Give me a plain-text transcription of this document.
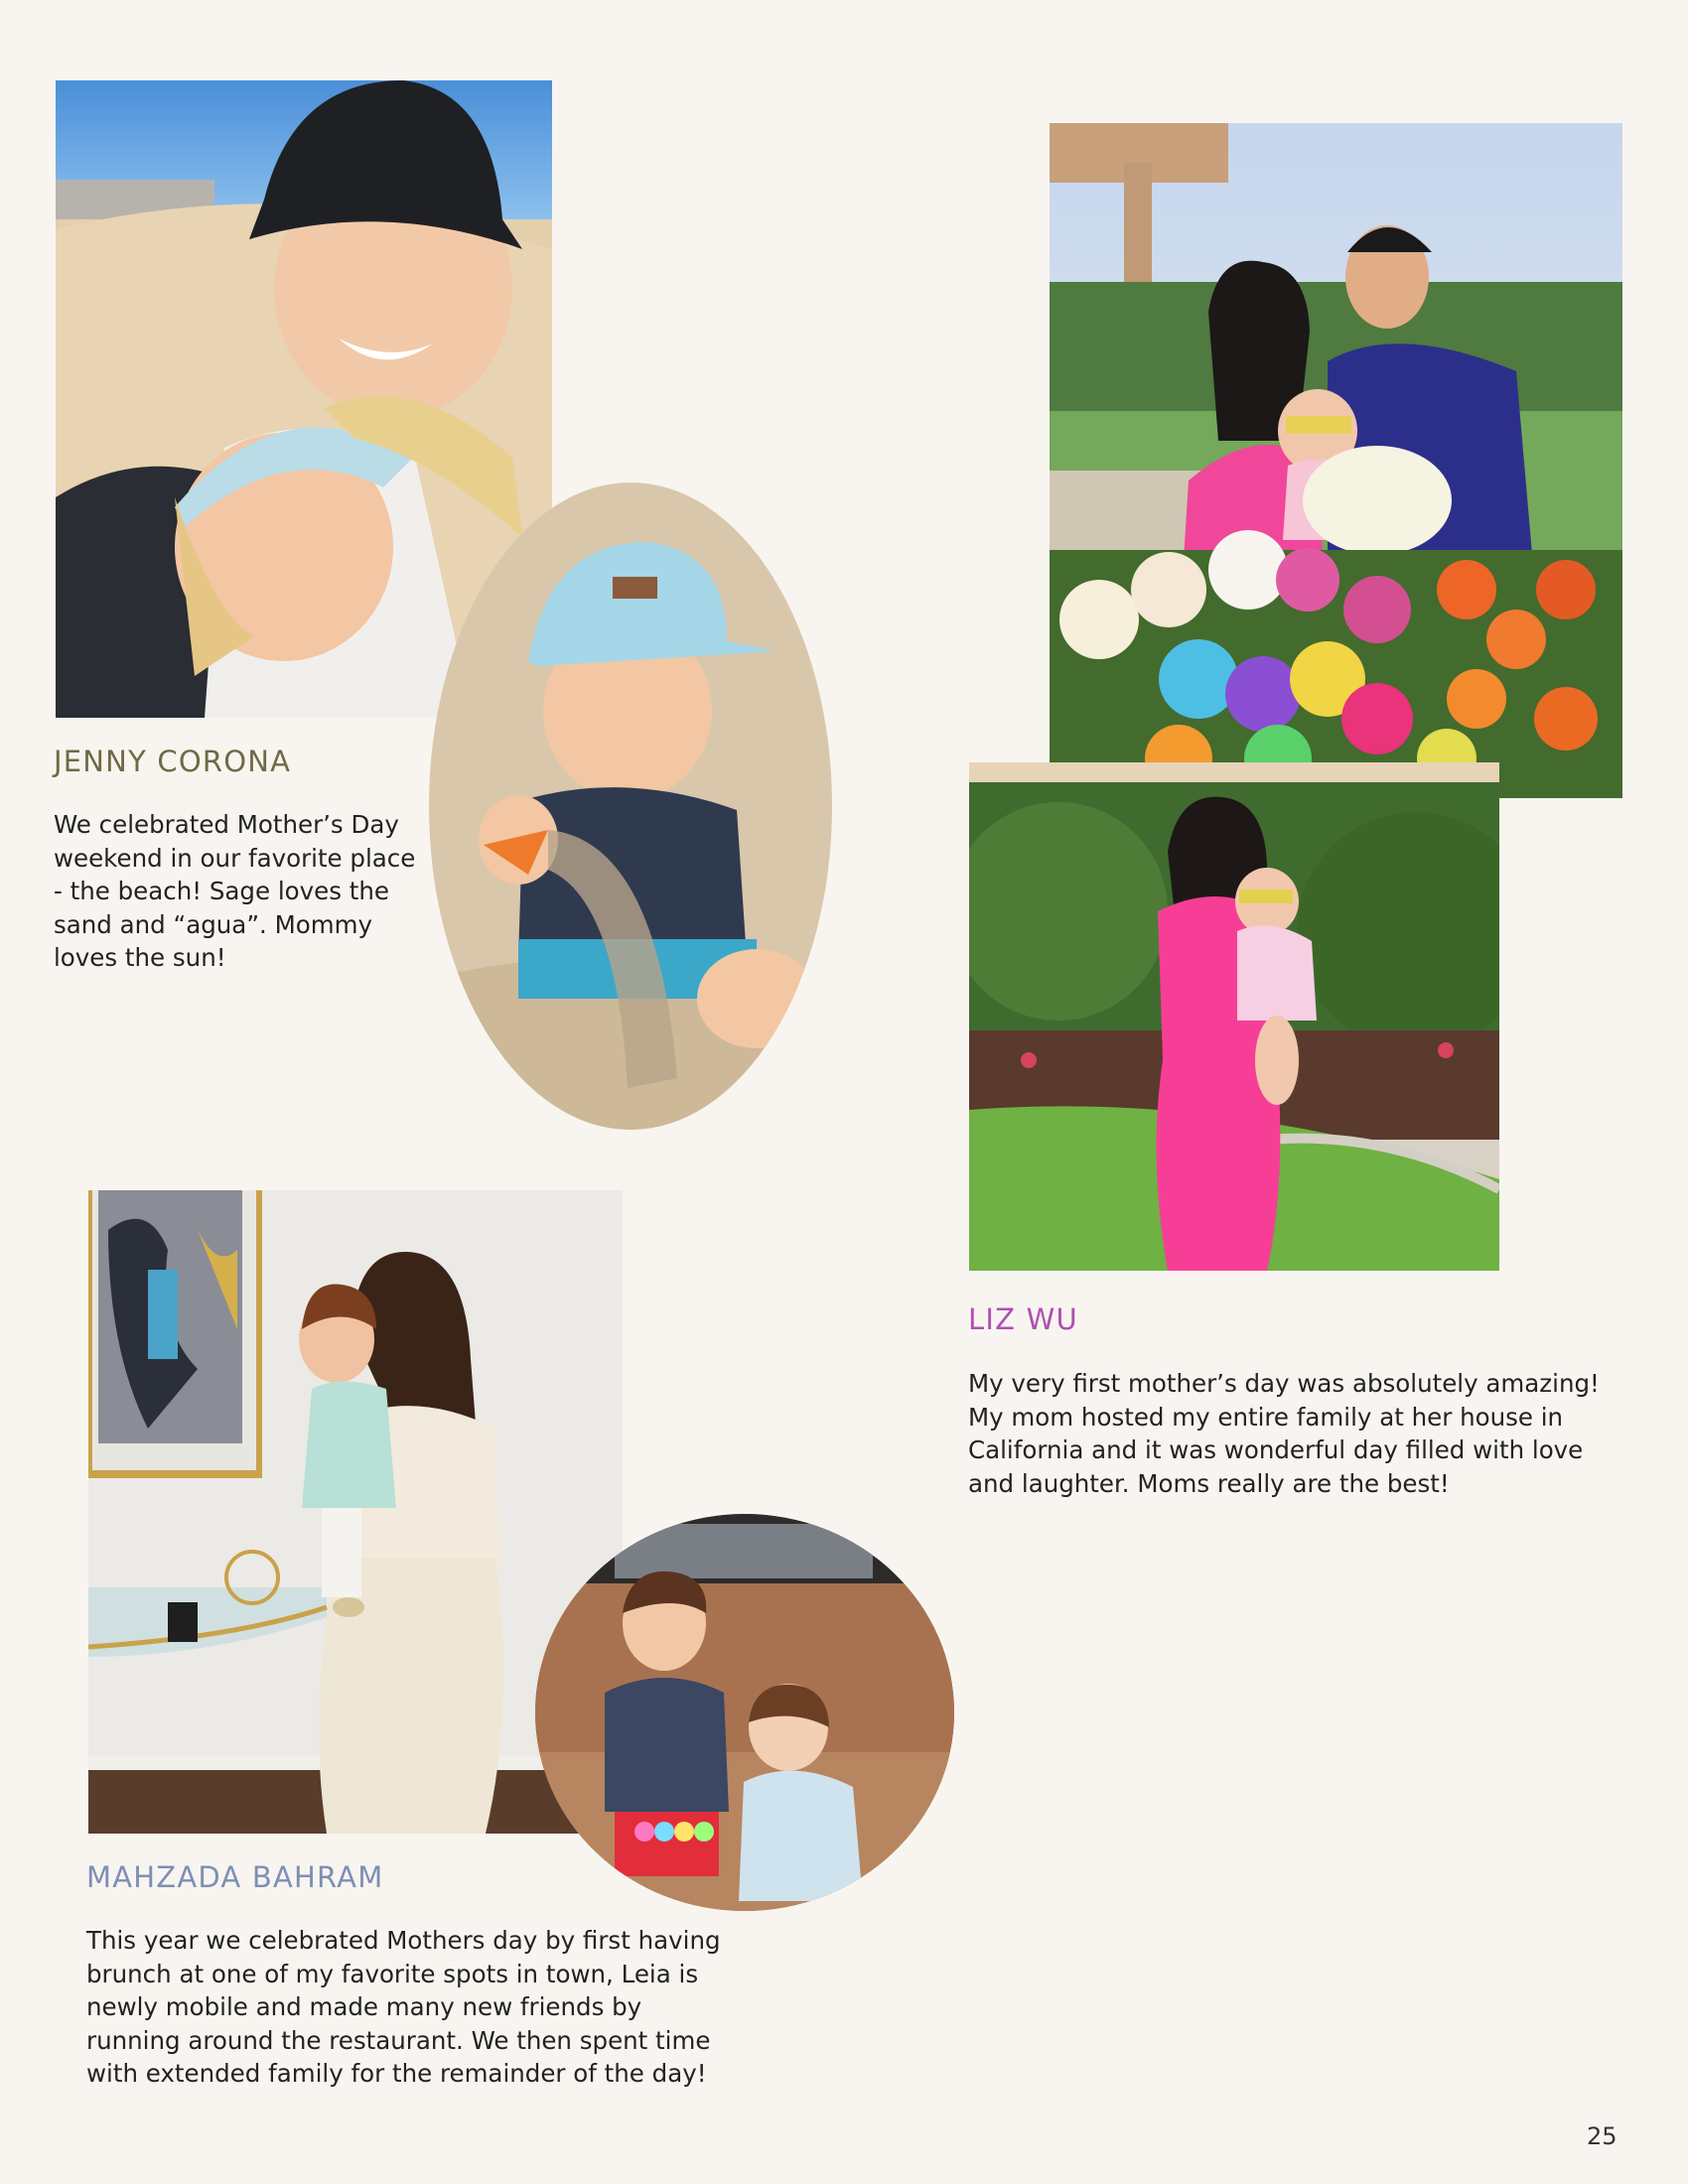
JENNY CORONA

We celebrated Mother’s Day weekend in our favorite place - the beach! Sage loves the sand and “agua”. Mommy loves the sun!

LIZ WU

My very first mother’s day was absolutely amazing! My mom hosted my entire family at her house in California and it was wonderful day filled with love and laughter. Moms really are the best!

MAHZADA BAHRAM

This year we celebrated Mothers day by first having brunch at one of my favorite spots in town, Leia is newly mobile and made many new friends by running around the restaurant. We then spent time with extended family for the remainder of the day!

25
